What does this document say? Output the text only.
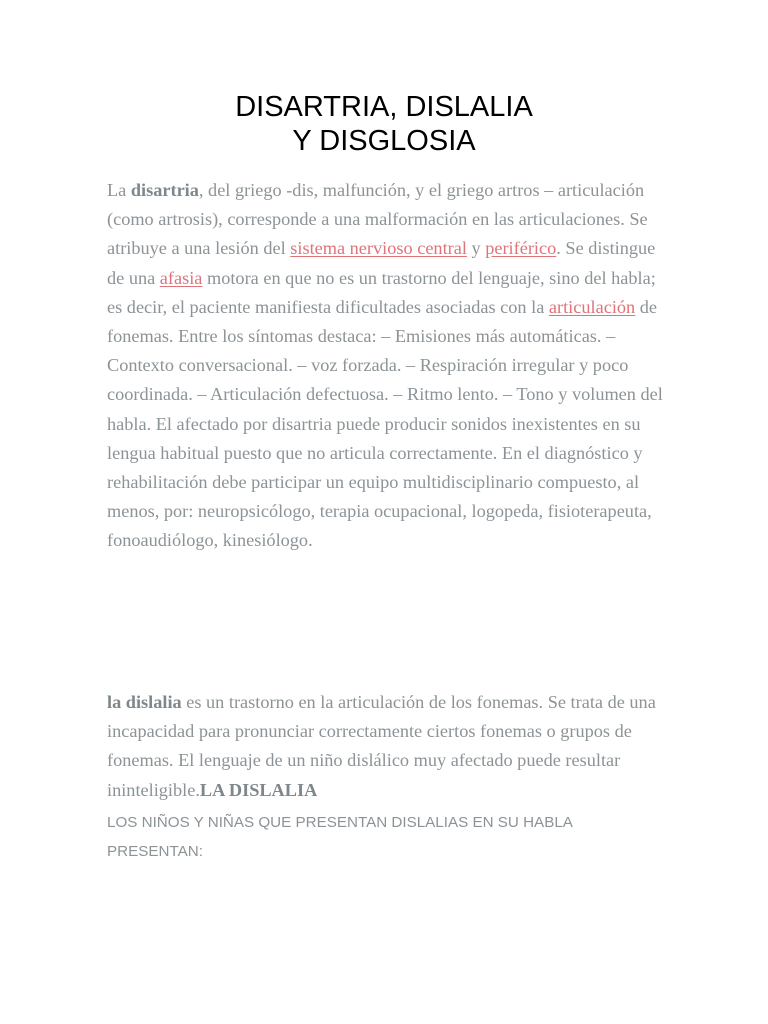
DISARTRIA, DISLALIA
Y DISGLOSIA

La disartria, del griego -dis, malfunción, y el griego artros – articulación (como artrosis), corresponde a una malformación en las articulaciones. Se atribuye a una lesión del sistema nervioso central y periférico. Se distingue de una afasia motora en que no es un trastorno del lenguaje, sino del habla; es decir, el paciente manifiesta dificultades asociadas con la articulación de fonemas. Entre los síntomas destaca: – Emisiones más automáticas. – Contexto conversacional. – voz forzada. – Respiración irregular y poco coordinada. – Articulación defectuosa. – Ritmo lento. – Tono y volumen del habla. El afectado por disartria puede producir sonidos inexistentes en su lengua habitual puesto que no articula correctamente. En el diagnóstico y rehabilitación debe participar un equipo multidisciplinario compuesto, al menos, por: neuropsicólogo, terapia ocupacional, logopeda, fisioterapeuta, fonoaudiólogo, kinesiólogo.

la dislalia es un trastorno en la articulación de los fonemas. Se trata de una incapacidad para pronunciar correctamente ciertos fonemas o grupos de fonemas. El lenguaje de un niño dislálico muy afectado puede resultar ininteligible.LA DISLALIA

LOS NIÑOS Y NIÑAS QUE PRESENTAN DISLALIAS EN SU HABLA PRESENTAN:
